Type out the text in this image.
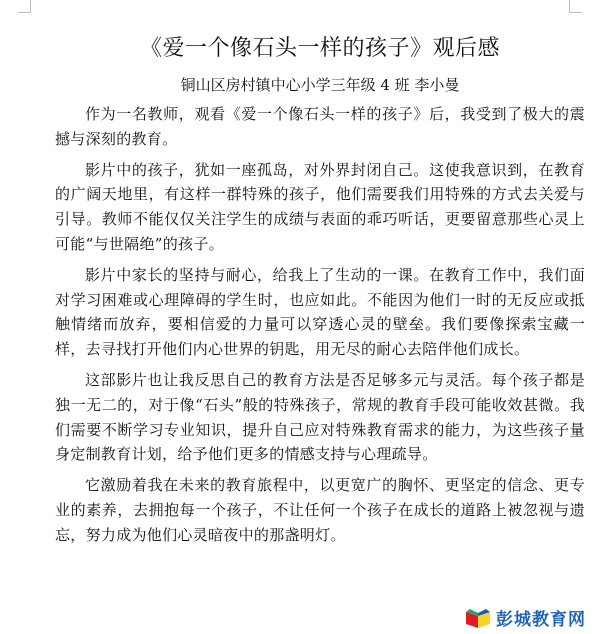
《爱一个像石头一样的孩子》观后感

铜山区房村镇中心小学三年级 4 班 李小曼

作为一名教师，观看《爱一个像石头一样的孩子》后，我受到了极大的震撼与深刻的教育。

影片中的孩子，犹如一座孤岛，对外界封闭自己。这使我意识到，在教育的广阔天地里，有这样一群特殊的孩子，他们需要我们用特殊的方式去关爱与引导。教师不能仅仅关注学生的成绩与表面的乖巧听话，更要留意那些心灵上可能“与世隔绝”的孩子。

影片中家长的坚持与耐心，给我上了生动的一课。在教育工作中，我们面对学习困难或心理障碍的学生时，也应如此。不能因为他们一时的无反应或抵触情绪而放弃，要相信爱的力量可以穿透心灵的壁垒。我们要像探索宝藏一样，去寻找打开他们内心世界的钥匙，用无尽的耐心去陪伴他们成长。

这部影片也让我反思自己的教育方法是否足够多元与灵活。每个孩子都是独一无二的，对于像“石头”般的特殊孩子，常规的教育手段可能收效甚微。我们需要不断学习专业知识，提升自己应对特殊教育需求的能力，为这些孩子量身定制教育计划，给予他们更多的情感支持与心理疏导。

它激励着我在未来的教育旅程中，以更宽广的胸怀、更坚定的信念、更专业的素养，去拥抱每一个孩子，不让任何一个孩子在成长的道路上被忽视与遗忘，努力成为他们心灵暗夜中的那盏明灯。

彭城教育网
